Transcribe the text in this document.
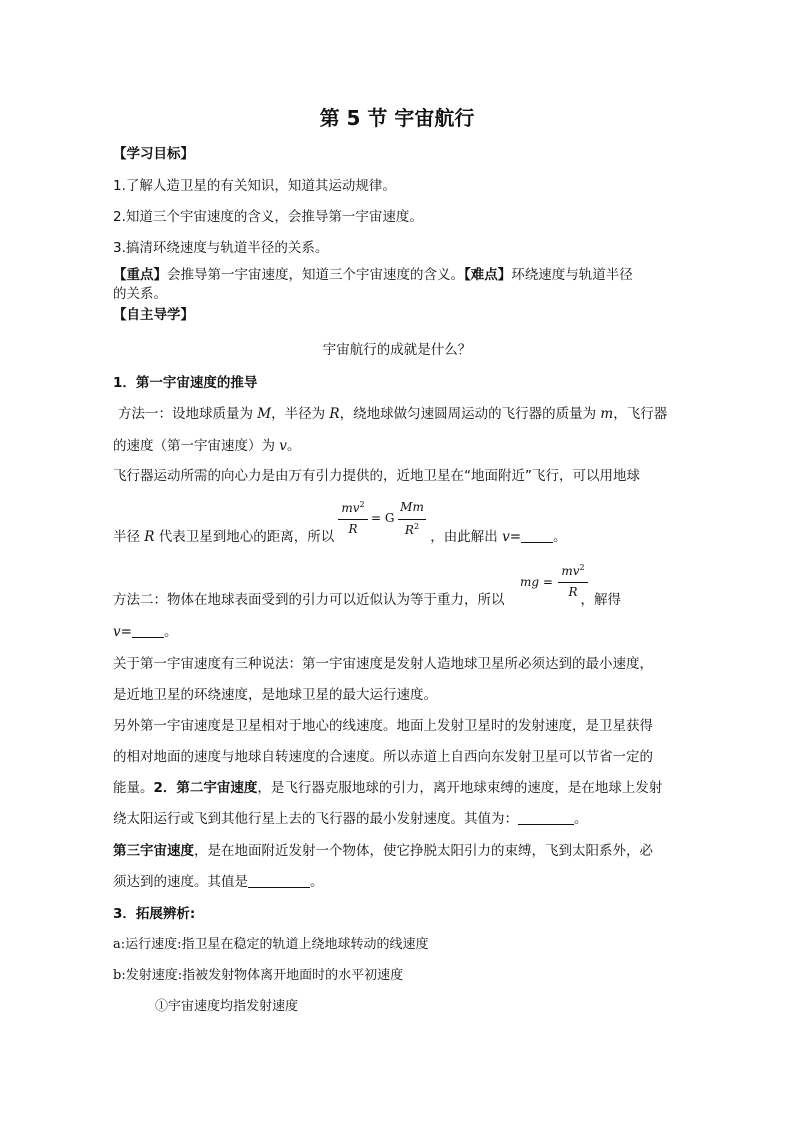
第 5 节 宇宙航行
【学习目标】
1.了解人造卫星的有关知识，知道其运动规律。
2.知道三个宇宙速度的含义，会推导第一宇宙速度。
3.搞清环绕速度与轨道半径的关系。
【重点】会推导第一宇宙速度，知道三个宇宙速度的含义。【难点】环绕速度与轨道半径
的关系。
【自主导学】
宇宙航行的成就是什么？
1．第一宇宙速度的推导
方法一：设地球质量为 M，半径为 R，绕地球做匀速圆周运动的飞行器的质量为 m，飞行器
的速度（第一宇宙速度）为 v。
飞行器运动所需的向心力是由万有引力提供的，近地卫星在“地面附近”飞行，可以用地球
$mv^2$
R
= G
Mm
$R^2$
半径 R 代表卫星到地心的距离，所以	，由此解出 v= 。
mg =
$mv^2$
R
方法二：物体在地球表面受到的引力可以近似认为等于重力，所以	，解得
v= 。
关于第一宇宙速度有三种说法：第一宇宙速度是发射人造地球卫星所必须达到的最小速度，
是近地卫星的环绕速度，是地球卫星的最大运行速度。
另外第一宇宙速度是卫星相对于地心的线速度。地面上发射卫星时的发射速度，是卫星获得
的相对地面的速度与地球自转速度的合速度。所以赤道上自西向东发射卫星可以节省一定的
能量。2．第二宇宙速度，是飞行器克服地球的引力，离开地球束缚的速度，是在地球上发射
绕太阳运行或飞到其他行星上去的飞行器的最小发射速度。其值为：	。
第三宇宙速度，是在地面附近发射一个物体，使它挣脱太阳引力的束缚，飞到太阳系外，必
须达到的速度。其值是	。
3．拓展辨析:
a:运行速度:指卫星在稳定的轨道上绕地球转动的线速度
b:发射速度:指被发射物体离开地面时的水平初速度
①宇宙速度均指发射速度
